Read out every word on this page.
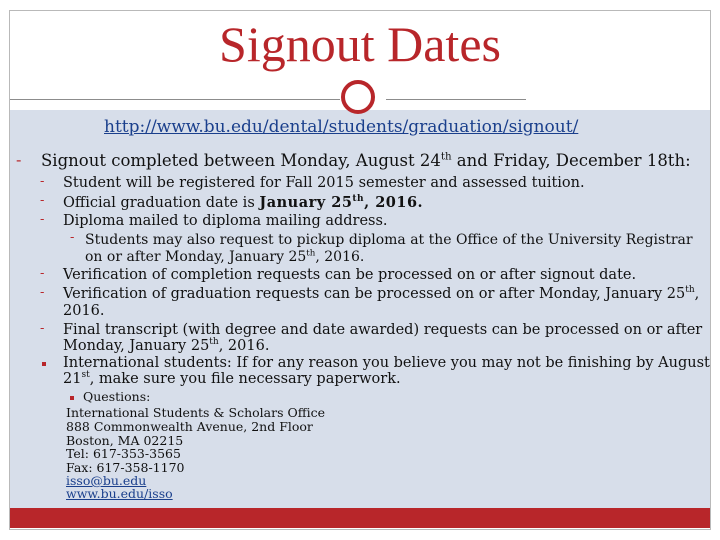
Signout Dates
http://www.bu.edu/dental/students/graduation/signout/
- Signout completed between Monday, August 24th and Friday, December 18th:
- Student will be registered for Fall 2015 semester and assessed tuition.
- Official graduation date is January 25th, 2016.
- Diploma mailed to diploma mailing address.
- Students may also request to pickup diploma at the Office of the University Registrar
on or after Monday, January 25th, 2016.
- Verification of completion requests can be processed on or after signout date.
- Verification of graduation requests can be processed on or after Monday, January 25th,
2016.
- Final transcript (with degree and date awarded) requests can be processed on or after
Monday, January 25th, 2016.
International students: If for any reason you believe you may not be finishing by August
21st, make sure you file necessary paperwork.
Questions:
International Students & Scholars Office
888 Commonwealth Avenue, 2nd Floor
Boston, MA 02215
Tel: 617-353-3565
Fax: 617-358-1170
isso@bu.edu
www.bu.edu/isso
